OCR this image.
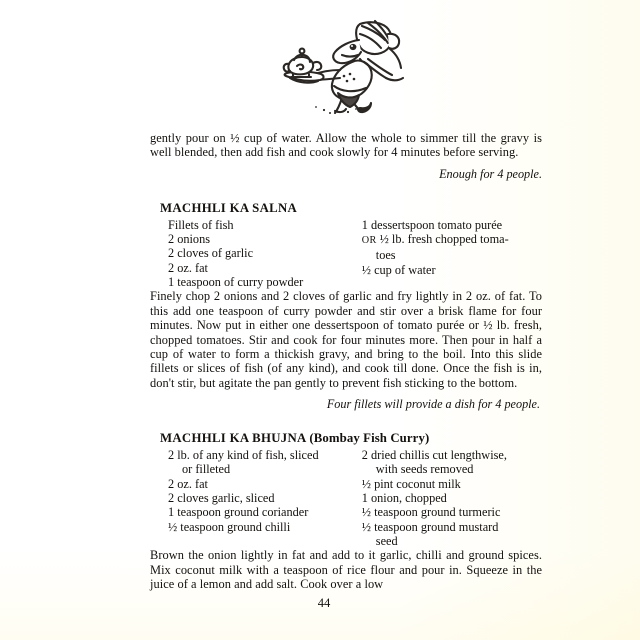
gently pour on ½ cup of water. Allow the whole to simmer till the gravy is well blended, then add fish and cook slowly for 4 minutes before serving.

Enough for 4 people.

MACHHLI KA SALNA
Fillets of fish
2 onions
2 cloves of garlic
2 oz. fat
1 teaspoon of curry powder
1 dessertspoon tomato purée
OR ½ lb. fresh chopped toma-
toes
½ cup of water

Finely chop 2 onions and 2 cloves of garlic and fry lightly in 2 oz. of fat. To this add one teaspoon of curry powder and stir over a brisk flame for four minutes. Now put in either one dessertspoon of tomato purée or ½ lb. fresh, chopped tomatoes. Stir and cook for four minutes more. Then pour in half a cup of water to form a thickish gravy, and bring to the boil. Into this slide fillets or slices of fish (of any kind), and cook till done. Once the fish is in, don't stir, but agitate the pan gently to prevent fish sticking to the bottom.

Four fillets will provide a dish for 4 people.

MACHHLI KA BHUJNA (Bombay Fish Curry)
2 lb. of any kind of fish, sliced
or filleted
2 oz. fat
2 cloves garlic, sliced
1 teaspoon ground coriander
½ teaspoon ground chilli
2 dried chillis cut lengthwise,
with seeds removed
½ pint coconut milk
1 onion, chopped
½ teaspoon ground turmeric
½ teaspoon ground mustard
seed

Brown the onion lightly in fat and add to it garlic, chilli and ground spices. Mix coconut milk with a teaspoon of rice flour and pour in. Squeeze in the juice of a lemon and add salt. Cook over a low

44
